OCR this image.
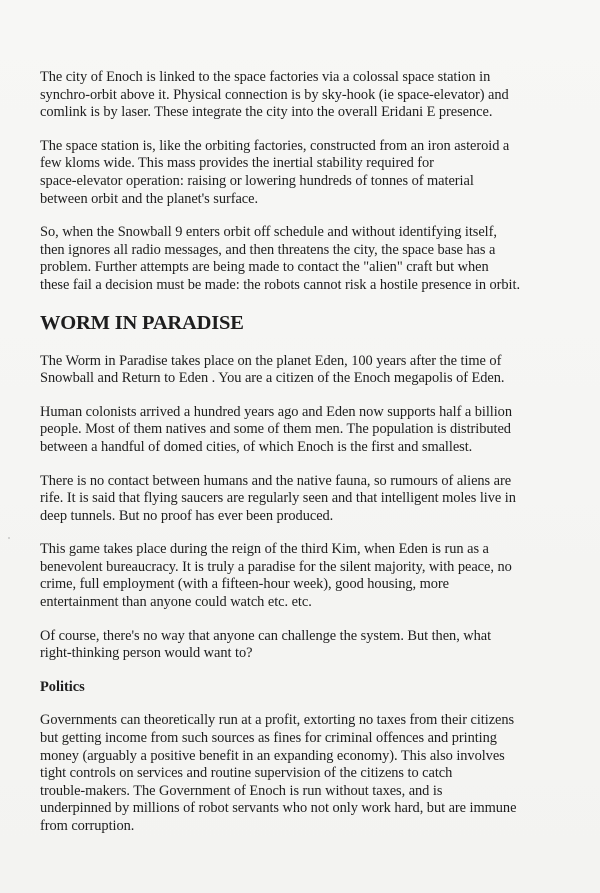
The city of Enoch is linked to the space factories via a colossal space station in
synchro-orbit above it. Physical connection is by sky-hook (ie space-elevator) and
comlink is by laser. These integrate the city into the overall Eridani E presence.

The space station is, like the orbiting factories, constructed from an iron asteroid a
few kloms wide. This mass provides the inertial stability required for
space-elevator operation: raising or lowering hundreds of tonnes of material
between orbit and the planet's surface.

So, when the Snowball 9 enters orbit off schedule and without identifying itself,
then ignores all radio messages, and then threatens the city, the space base has a
problem. Further attempts are being made to contact the "alien" craft but when
these fail a decision must be made: the robots cannot risk a hostile presence in orbit.

WORM IN PARADISE

The Worm in Paradise takes place on the planet Eden, 100 years after the time of
Snowball and Return to Eden . You are a citizen of the Enoch megapolis of Eden.

Human colonists arrived a hundred years ago and Eden now supports half a billion
people. Most of them natives and some of them men. The population is distributed
between a handful of domed cities, of which Enoch is the first and smallest.

There is no contact between humans and the native fauna, so rumours of aliens are
rife. It is said that flying saucers are regularly seen and that intelligent moles live in
deep tunnels. But no proof has ever been produced.

This game takes place during the reign of the third Kim, when Eden is run as a
benevolent bureaucracy. It is truly a paradise for the silent majority, with peace, no
crime, full employment (with a fifteen-hour week), good housing, more
entertainment than anyone could watch etc. etc.

Of course, there's no way that anyone can challenge the system. But then, what
right-thinking person would want to?

Politics

Governments can theoretically run at a profit, extorting no taxes from their citizens
but getting income from such sources as fines for criminal offences and printing
money (arguably a positive benefit in an expanding economy). This also involves
tight controls on services and routine supervision of the citizens to catch
trouble-makers. The Government of Enoch is run without taxes, and is
underpinned by millions of robot servants who not only work hard, but are immune
from corruption.
